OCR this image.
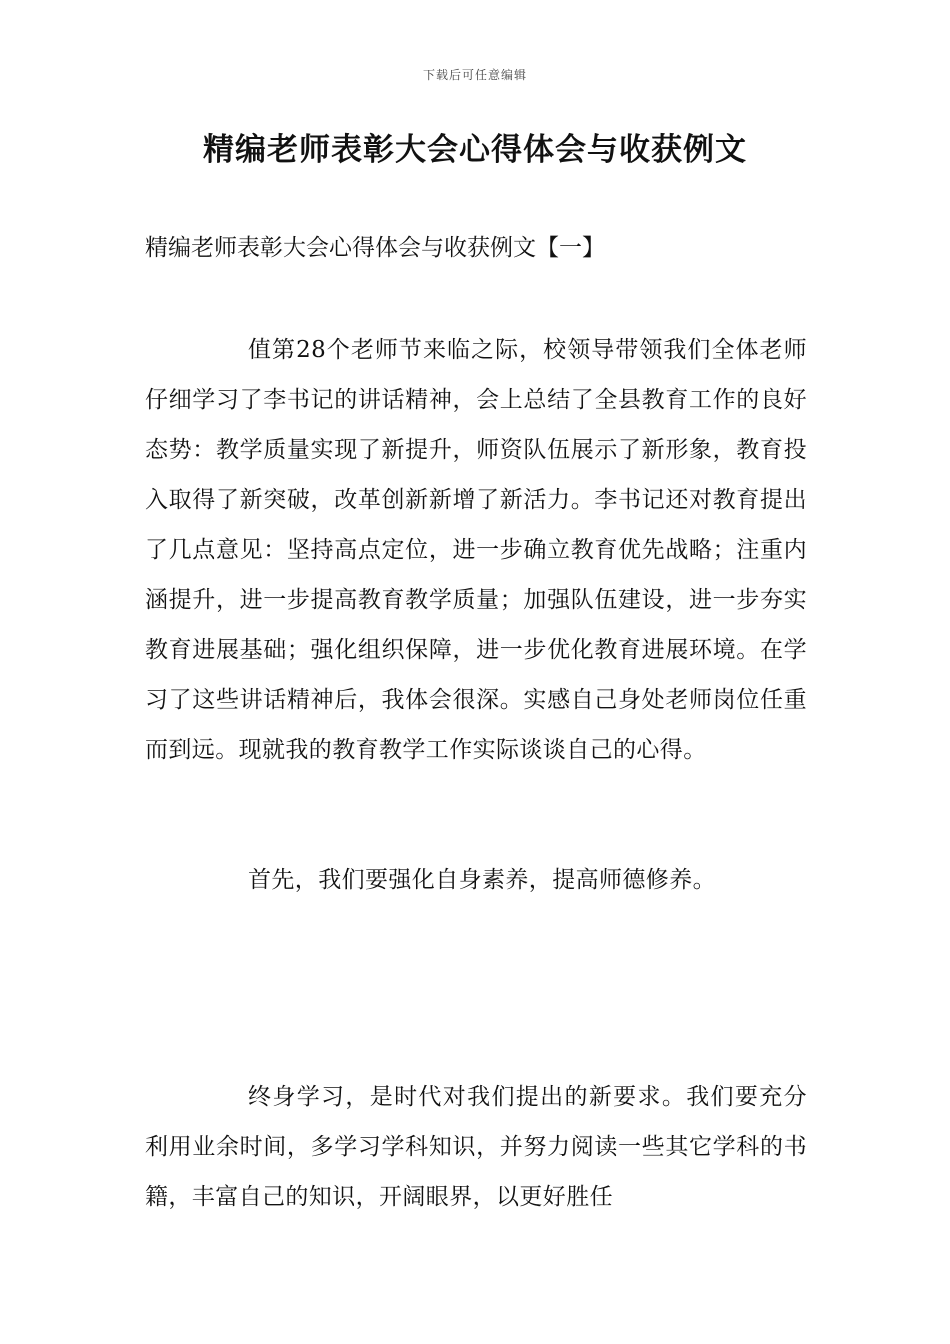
下载后可任意编辑
精编老师表彰大会心得体会与收获例文

精编老师表彰大会心得体会与收获例文【一】

值第28个老师节来临之际，校领导带领我们全体老师仔细学习了李书记的讲话精神，会上总结了全县教育工作的良好态势：教学质量实现了新提升，师资队伍展示了新形象，教育投入取得了新突破，改革创新新增了新活力。李书记还对教育提出了几点意见：坚持高点定位，进一步确立教育优先战略；注重内涵提升，进一步提高教育教学质量；加强队伍建设，进一步夯实教育进展基础；强化组织保障，进一步优化教育进展环境。在学习了这些讲话精神后，我体会很深。实感自己身处老师岗位任重而到远。现就我的教育教学工作实际谈谈自己的心得。

首先，我们要强化自身素养，提高师德修养。

终身学习，是时代对我们提出的新要求。我们要充分利用业余时间，多学习学科知识，并努力阅读一些其它学科的书籍，丰富自己的知识，开阔眼界，以更好胜任
